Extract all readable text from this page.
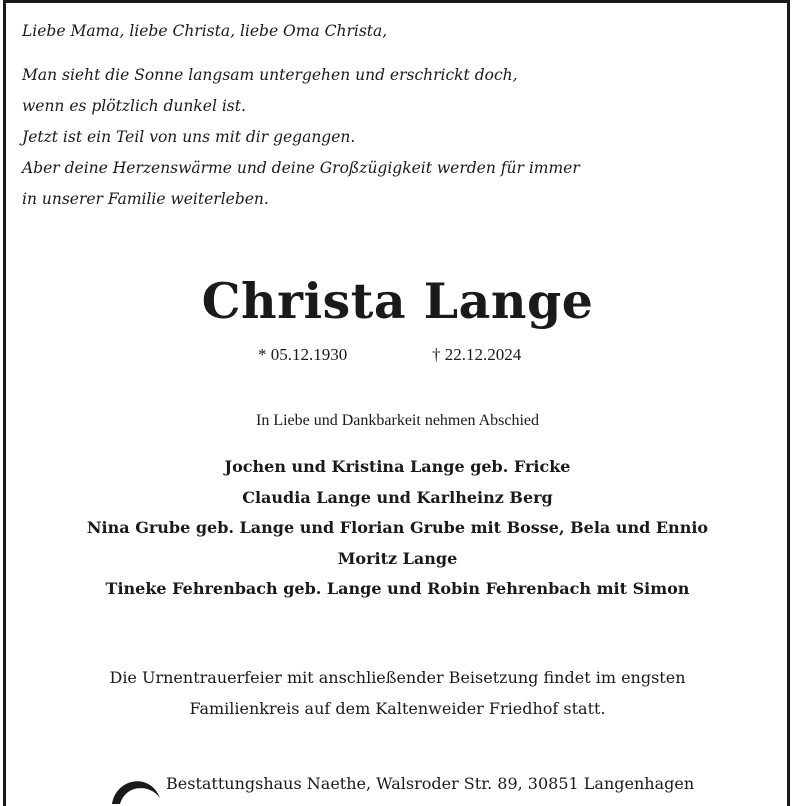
Liebe Mama, liebe Christa, liebe Oma Christa,

Man sieht die Sonne langsam untergehen und erschrickt doch,

wenn es plötzlich dunkel ist.

Jetzt ist ein Teil von uns mit dir gegangen.

Aber deine Herzenswärme und deine Großzügigkeit werden für immer

in unserer Familie weiterleben.

Christa Lange
* 05.12.1930	† 22.12.2024
In Liebe und Dankbarkeit nehmen Abschied
Jochen und Kristina Lange geb. Fricke
Claudia Lange und Karlheinz Berg
Nina Grube geb. Lange und Florian Grube mit Bosse, Bela und Ennio
Moritz Lange
Tineke Fehrenbach geb. Lange und Robin Fehrenbach mit Simon
Die Urnentrauerfeier mit anschließender Beisetzung findet im engsten
Familienkreis auf dem Kaltenweider Friedhof statt.
Bestattungshaus Naethe, Walsroder Str. 89, 30851 Langenhagen
